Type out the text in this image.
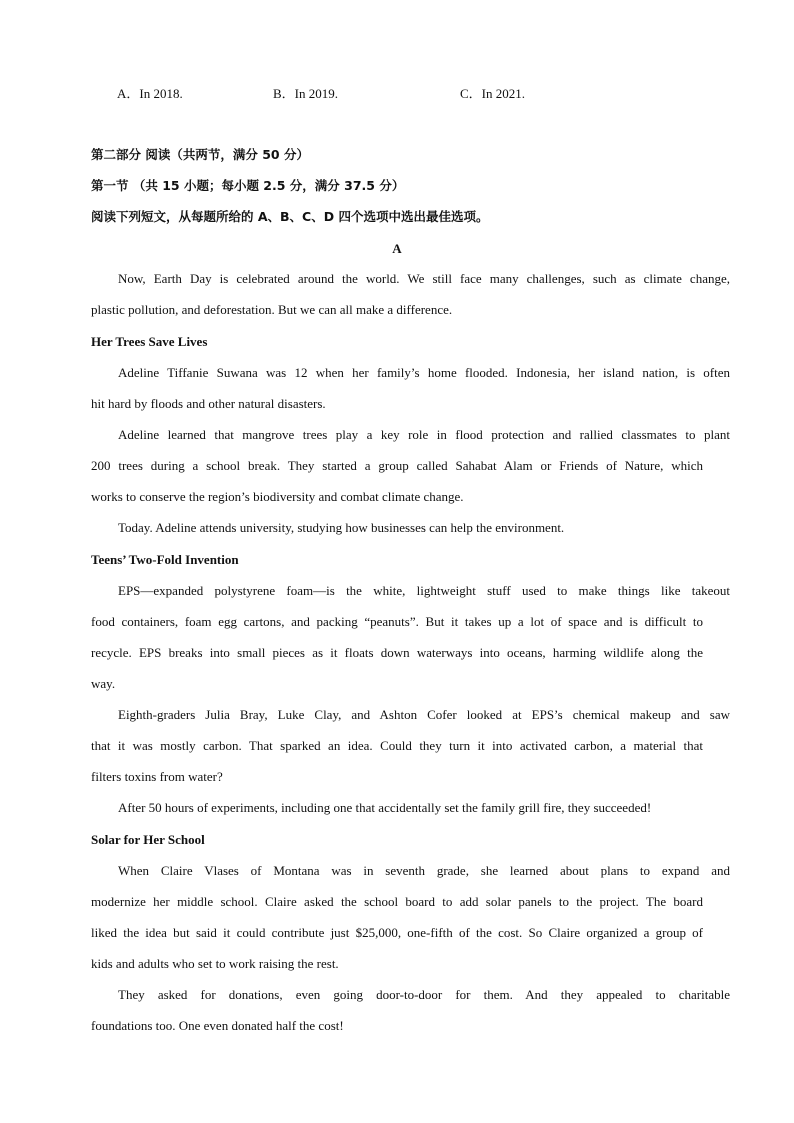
A．In 2018.	B．In 2019.	C．In 2021.
第二部分 阅读（共两节，满分 50 分）
第一节 （共 15 小题；每小题 2.5 分，满分 37.5 分）
阅读下列短文，从每题所给的 A、B、C、D 四个选项中选出最佳选项。
A
Now, Earth Day is celebrated around the world. We still face many challenges, such as climate change,
plastic pollution, and deforestation. But we can all make a difference.
Her Trees Save Lives
Adeline Tiffanie Suwana was 12 when her family’s home flooded. Indonesia, her island nation, is often
hit hard by floods and other natural disasters.
Adeline learned that mangrove trees play a key role in flood protection and rallied classmates to plant
200 trees during a school break. They started a group called Sahabat Alam or Friends of Nature, which
works to conserve the region’s biodiversity and combat climate change.
Today. Adeline attends university, studying how businesses can help the environment.
Teens’ Two-Fold Invention
EPS—expanded polystyrene foam—is the white, lightweight stuff used to make things like takeout
food containers, foam egg cartons, and packing “peanuts”. But it takes up a lot of space and is difficult to
recycle. EPS breaks into small pieces as it floats down waterways into oceans, harming wildlife along the
way.
Eighth-graders Julia Bray, Luke Clay, and Ashton Cofer looked at EPS’s chemical makeup and saw
that it was mostly carbon. That sparked an idea. Could they turn it into activated carbon, a material that
filters toxins from water?
After 50 hours of experiments, including one that accidentally set the family grill fire, they succeeded!
Solar for Her School
When Claire Vlases of Montana was in seventh grade, she learned about plans to expand and
modernize her middle school. Claire asked the school board to add solar panels to the project. The board
liked the idea but said it could contribute just $25,000, one-fifth of the cost. So Claire organized a group of
kids and adults who set to work raising the rest.
They asked for donations, even going door-to-door for them. And they appealed to charitable
foundations too. One even donated half the cost!
